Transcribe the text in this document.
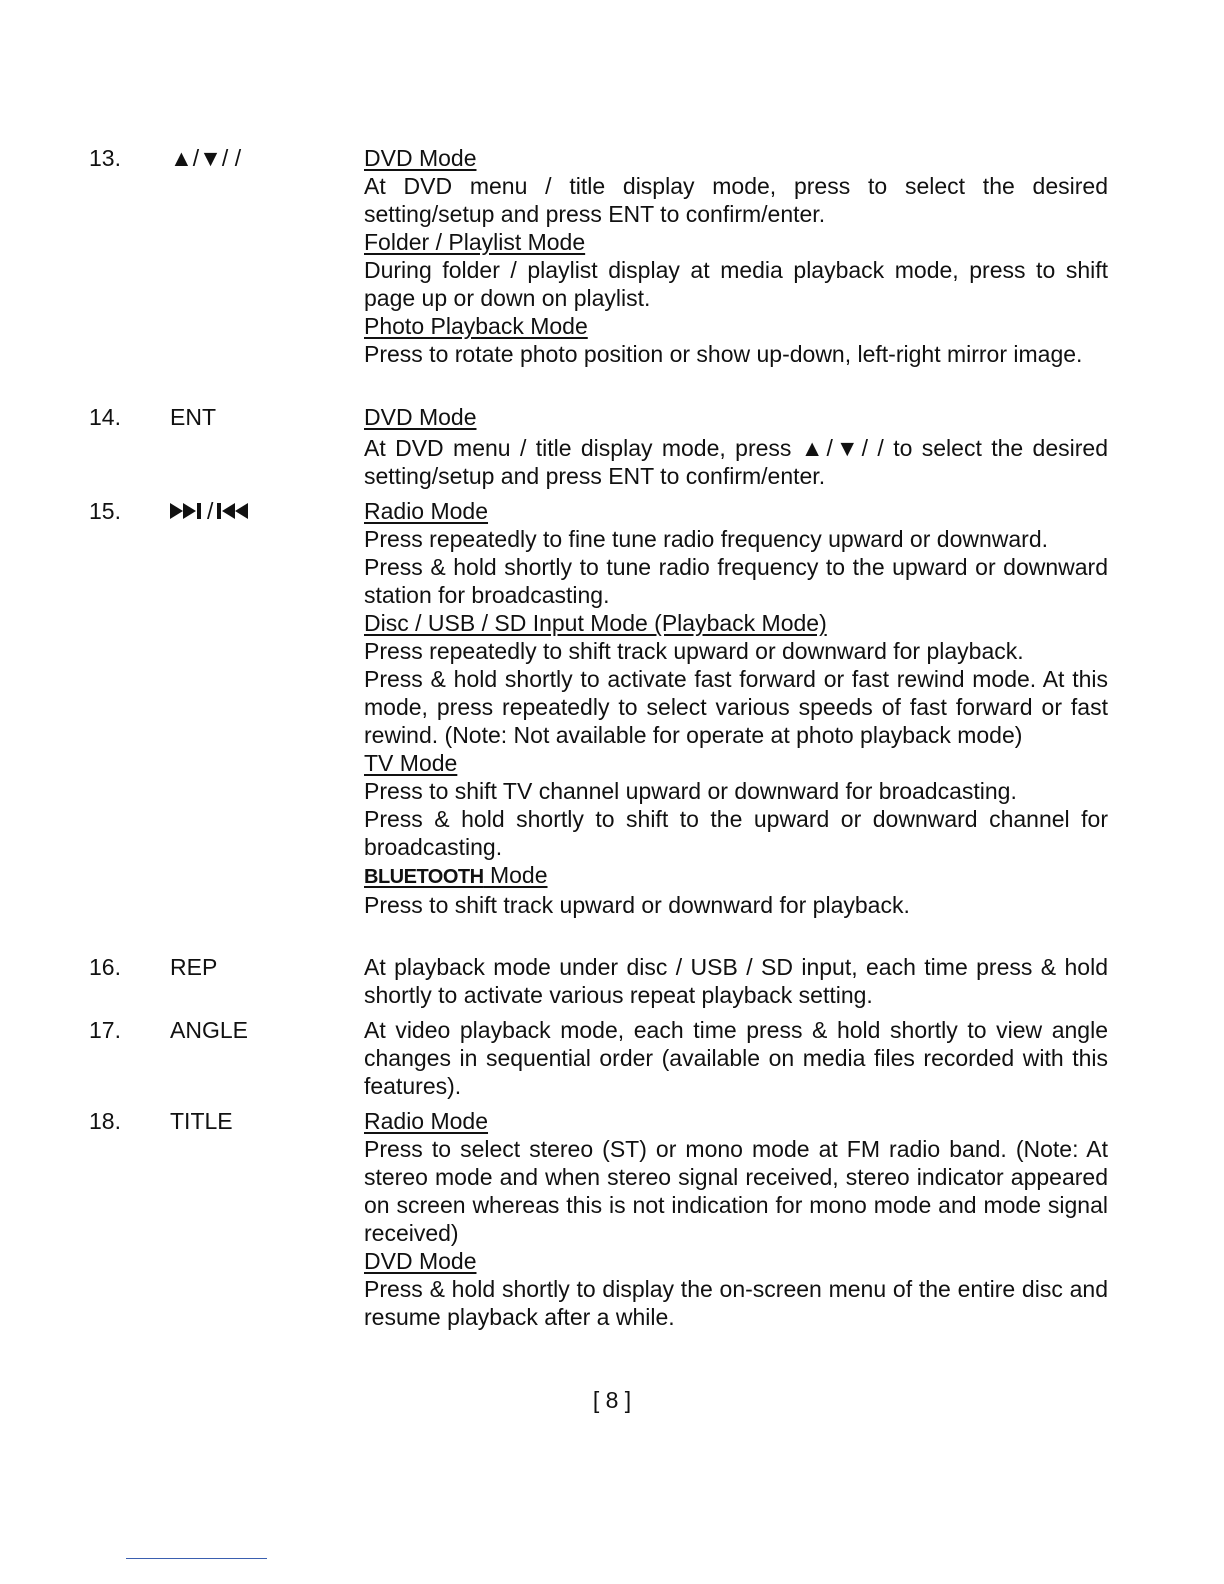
13. ▲/▼/ /	DVD Mode

At DVD menu / title display mode, press to select the desired setting/setup and press ENT to confirm/enter.

Folder / Playlist Mode

During folder / playlist display at media playback mode, press to shift page up or down on playlist.

Photo Playback Mode

Press to rotate photo position or show up-down, left-right mirror image.

14. ENT	DVD Mode

At DVD menu / title display mode, press ▲/▼/ / to select the desired setting/setup and press ENT to confirm/enter.

15.	/	Radio Mode

Press repeatedly to fine tune radio frequency upward or downward.

Press & hold shortly to tune radio frequency to the upward or downward station for broadcasting.

Disc / USB / SD Input Mode (Playback Mode)

Press repeatedly to shift track upward or downward for playback.

Press & hold shortly to activate fast forward or fast rewind mode. At this mode, press repeatedly to select various speeds of fast forward or fast rewind. (Note: Not available for operate at photo playback mode)

TV Mode

Press to shift TV channel upward or downward for broadcasting.

Press & hold shortly to shift to the upward or downward channel for broadcasting.

BLUETOOTH Mode

Press to shift track upward or downward for playback.

16. REP	At playback mode under disc / USB / SD input, each time press & hold shortly to activate various repeat playback setting.

17. ANGLE	At video playback mode, each time press & hold shortly to view angle changes in sequential order (available on media files recorded with this features).

18. TITLE	Radio Mode

Press to select stereo (ST) or mono mode at FM radio band. (Note: At stereo mode and when stereo signal received, stereo indicator appeared on screen whereas this is not indication for mono mode and mode signal received)

DVD Mode

Press & hold shortly to display the on-screen menu of the entire disc and resume playback after a while.

[ 8 ]
